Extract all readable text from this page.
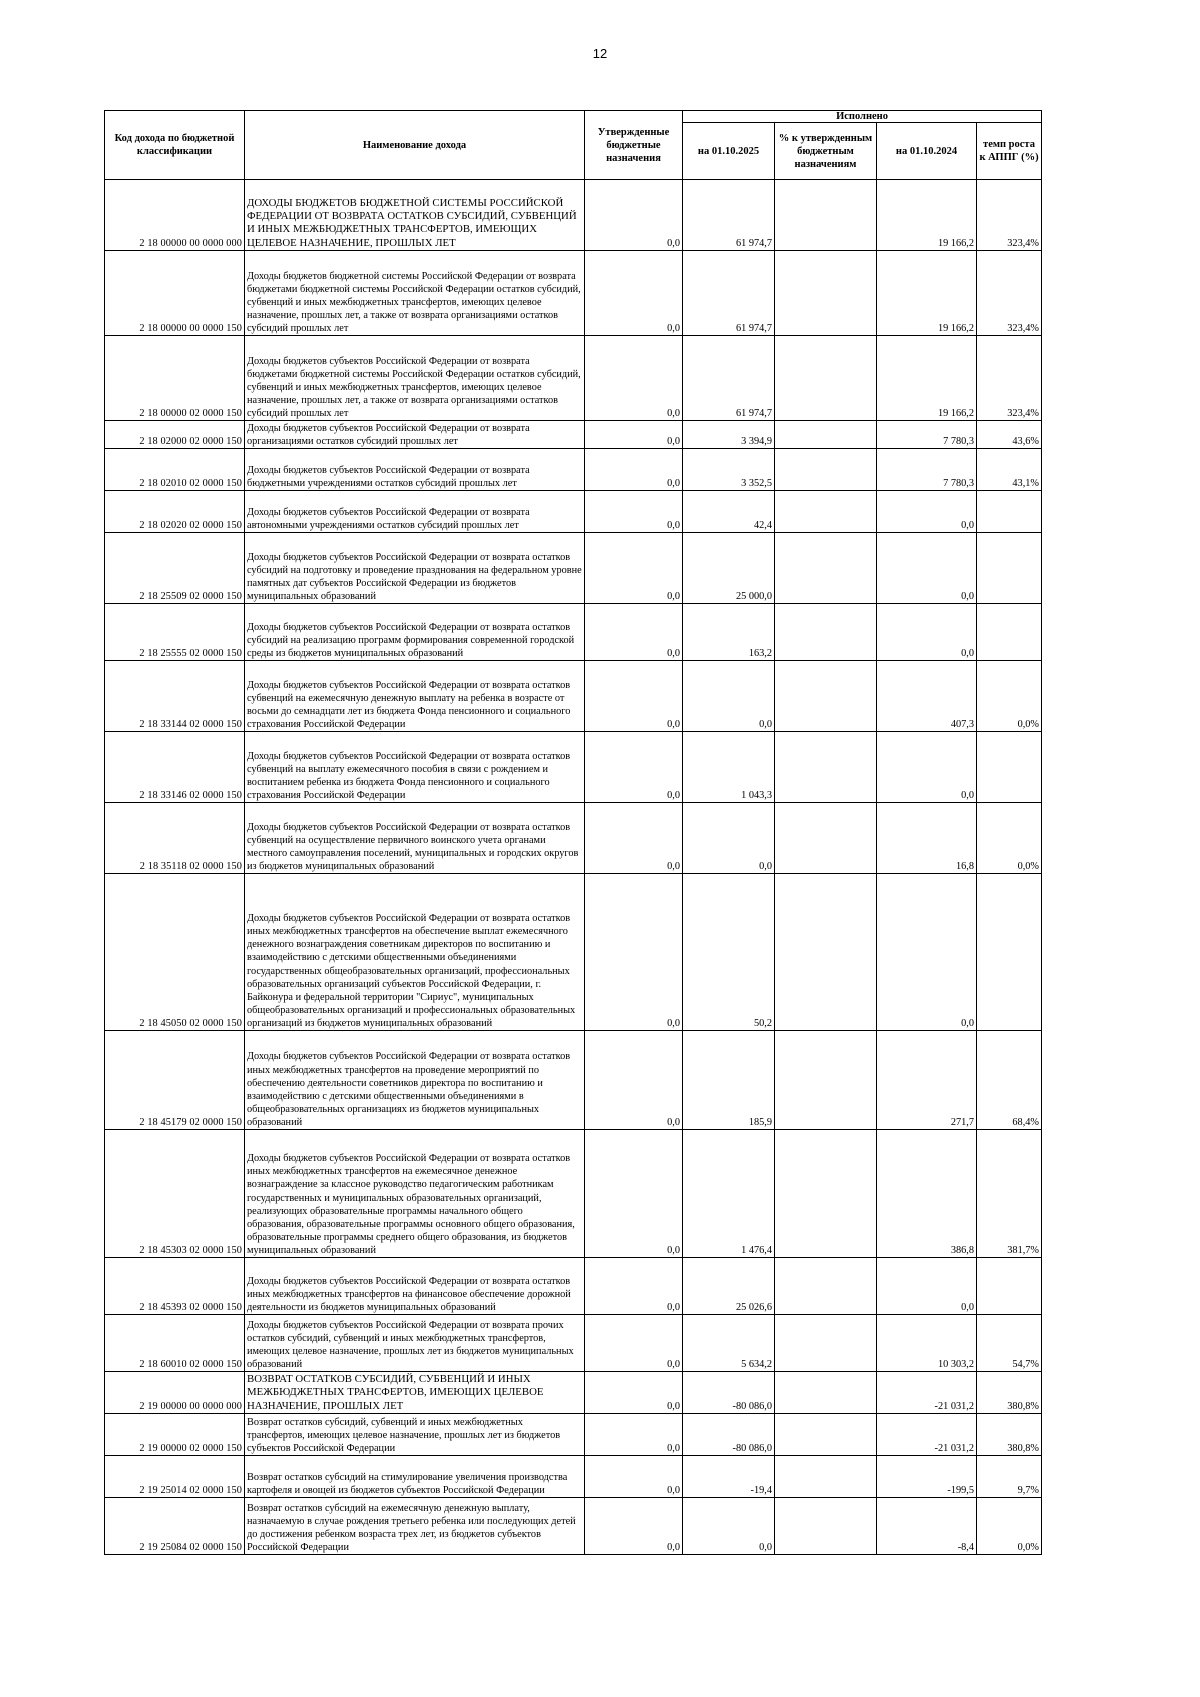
12
Код дохода по бюджетной классификации	Наименование дохода	Утвержденные бюджетные назначения	Исполнено			
			на 01.10.2025	% к утвержденным бюджетным назначениям	на 01.10.2024	темп роста к АППГ (%)
2 18 00000 00 0000 000	ДОХОДЫ БЮДЖЕТОВ БЮДЖЕТНОЙ СИСТЕМЫ РОССИЙСКОЙ ФЕДЕРАЦИИ ОТ ВОЗВРАТА ОСТАТКОВ СУБСИДИЙ, СУБВЕНЦИЙ И ИНЫХ МЕЖБЮДЖЕТНЫХ ТРАНСФЕРТОВ, ИМЕЮЩИХ ЦЕЛЕВОЕ НАЗНАЧЕНИЕ, ПРОШЛЫХ ЛЕТ	0,0	61 974,7		19 166,2	323,4%
2 18 00000 00 0000 150	Доходы бюджетов бюджетной системы Российской Федерации от возврата бюджетами бюджетной системы Российской Федерации остатков субсидий, субвенций и иных межбюджетных трансфертов, имеющих целевое назначение, прошлых лет, а также от возврата организациями остатков субсидий прошлых лет	0,0	61 974,7		19 166,2	323,4%
2 18 00000 02 0000 150	Доходы бюджетов субъектов Российской Федерации от возврата бюджетами бюджетной системы Российской Федерации остатков субсидий, субвенций и иных межбюджетных трансфертов, имеющих целевое назначение, прошлых лет, а также от возврата организациями остатков субсидий прошлых лет	0,0	61 974,7		19 166,2	323,4%
2 18 02000 02 0000 150	Доходы бюджетов субъектов Российской Федерации от возврата организациями остатков субсидий прошлых лет	0,0	3 394,9		7 780,3	43,6%
2 18 02010 02 0000 150	Доходы бюджетов субъектов Российской Федерации от возврата бюджетными учреждениями остатков субсидий прошлых лет	0,0	3 352,5		7 780,3	43,1%
2 18 02020 02 0000 150	Доходы бюджетов субъектов Российской Федерации от возврата автономными учреждениями остатков субсидий прошлых лет	0,0	42,4		0,0	
2 18 25509 02 0000 150	Доходы бюджетов субъектов Российской Федерации от возврата остатков субсидий на подготовку и проведение празднования на федеральном уровне памятных дат субъектов Российской Федерации из бюджетов муниципальных образований	0,0	25 000,0		0,0	
2 18 25555 02 0000 150	Доходы бюджетов субъектов Российской Федерации от возврата остатков субсидий на реализацию программ формирования современной городской среды из бюджетов муниципальных образований	0,0	163,2		0,0	
2 18 33144 02 0000 150	Доходы бюджетов субъектов Российской Федерации от возврата остатков субвенций на ежемесячную денежную выплату на ребенка в возрасте от восьми до семнадцати лет из бюджета Фонда пенсионного и социального страхования Российской Федерации	0,0	0,0		407,3	0,0%
2 18 33146 02 0000 150	Доходы бюджетов субъектов Российской Федерации от возврата остатков субвенций на выплату ежемесячного пособия в связи с рождением и воспитанием ребенка из бюджета Фонда пенсионного и социального страхования Российской Федерации	0,0	1 043,3		0,0	
2 18 35118 02 0000 150	Доходы бюджетов субъектов Российской Федерации от возврата остатков субвенций на осуществление первичного воинского учета органами местного самоуправления поселений, муниципальных и городских округов из бюджетов муниципальных образований	0,0	0,0		16,8	0,0%
2 18 45050 02 0000 150	Доходы бюджетов субъектов Российской Федерации от возврата остатков иных межбюджетных трансфертов на обеспечение выплат ежемесячного денежного вознаграждения советникам директоров по воспитанию и взаимодействию с детскими общественными объединениями государственных общеобразовательных организаций, профессиональных образовательных организаций субъектов Российской Федерации, г. Байконура и федеральной территории "Сириус", муниципальных общеобразовательных организаций и профессиональных образовательных организаций из бюджетов муниципальных образований	0,0	50,2		0,0	
2 18 45179 02 0000 150	Доходы бюджетов субъектов Российской Федерации от возврата остатков иных межбюджетных трансфертов на проведение мероприятий по обеспечению деятельности советников директора по воспитанию и взаимодействию с детскими общественными объединениями в общеобразовательных организациях из бюджетов муниципальных образований	0,0	185,9		271,7	68,4%
2 18 45303 02 0000 150	Доходы бюджетов субъектов Российской Федерации от возврата остатков иных межбюджетных трансфертов на ежемесячное денежное вознаграждение за классное руководство педагогическим работникам государственных и муниципальных образовательных организаций, реализующих образовательные программы начального общего образования, образовательные программы основного общего образования, образовательные программы среднего общего образования, из бюджетов муниципальных образований	0,0	1 476,4		386,8	381,7%
2 18 45393 02 0000 150	Доходы бюджетов субъектов Российской Федерации от возврата остатков иных межбюджетных трансфертов на финансовое обеспечение дорожной деятельности из бюджетов муниципальных образований	0,0	25 026,6		0,0	
2 18 60010 02 0000 150	Доходы бюджетов субъектов Российской Федерации от возврата прочих остатков субсидий, субвенций и иных межбюджетных трансфертов, имеющих целевое назначение, прошлых лет из бюджетов муниципальных образований	0,0	5 634,2		10 303,2	54,7%
2 19 00000 00 0000 000	ВОЗВРАТ ОСТАТКОВ СУБСИДИЙ, СУБВЕНЦИЙ И ИНЫХ МЕЖБЮДЖЕТНЫХ ТРАНСФЕРТОВ, ИМЕЮЩИХ ЦЕЛЕВОЕ НАЗНАЧЕНИЕ, ПРОШЛЫХ ЛЕТ	0,0	-80 086,0		-21 031,2	380,8%
2 19 00000 02 0000 150	Возврат остатков субсидий, субвенций и иных межбюджетных трансфертов, имеющих целевое назначение, прошлых лет из бюджетов субъектов Российской Федерации	0,0	-80 086,0		-21 031,2	380,8%
2 19 25014 02 0000 150	Возврат остатков субсидий на стимулирование увеличения производства картофеля и овощей из бюджетов субъектов Российской Федерации	0,0	-19,4		-199,5	9,7%
2 19 25084 02 0000 150	Возврат остатков субсидий на ежемесячную денежную выплату, назначаемую в случае рождения третьего ребенка или последующих детей до достижения ребенком возраста трех лет, из бюджетов субъектов Российской Федерации	0,0	0,0		-8,4	0,0%
